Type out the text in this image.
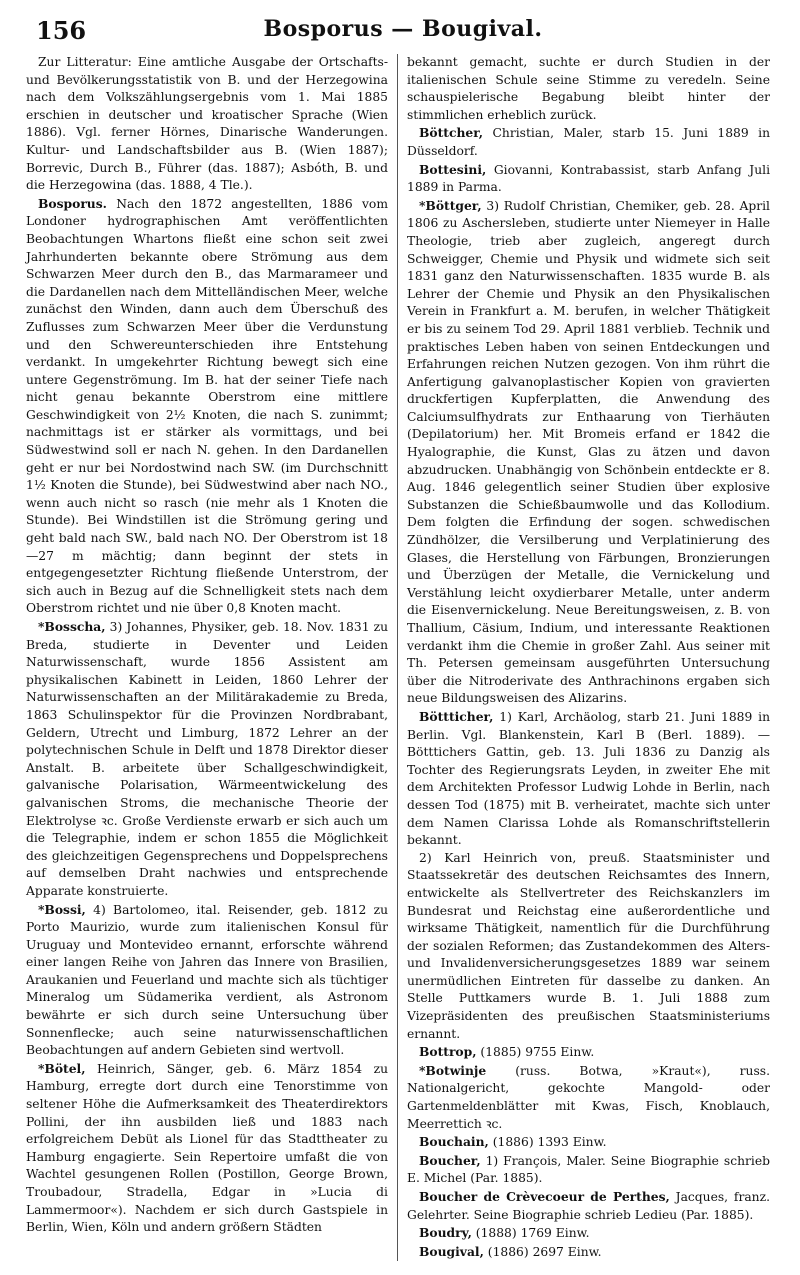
156	Bosporus — Bougival.

Zur Litteratur: Eine amtliche Ausgabe der Ortschafts- und Bevölkerungsstatistik von B. und der Herzegowina nach dem Volkszählungsergebnis vom 1. Mai 1885 erschien in deutscher und kroatischer Sprache (Wien 1886). Vgl. ferner Hörnes, Dinarische Wanderungen. Kultur- und Landschaftsbilder aus B. (Wien 1887); Borrevic, Durch B., Führer (das. 1887); Asbóth, B. und die Herzegowina (das. 1888, 4 Tle.).

Bosporus. Nach den 1872 angestellten, 1886 vom Londoner hydrographischen Amt veröffentlichten Beobachtungen Whartons fließt eine schon seit zwei Jahrhunderten bekannte obere Strömung aus dem Schwarzen Meer durch den B., das Marmarameer und die Dardanellen nach dem Mittelländischen Meer, welche zunächst den Winden, dann auch dem Überschuß des Zuflusses zum Schwarzen Meer über die Verdunstung und den Schwereunterschieden ihre Entstehung verdankt. In umgekehrter Richtung bewegt sich eine untere Gegenströmung. Im B. hat der seiner Tiefe nach nicht genau bekannte Oberstrom eine mittlere Geschwindigkeit von 2½ Knoten, die nach S. zunimmt; nachmittags ist er stärker als vormittags, und bei Südwestwind soll er nach N. gehen. In den Dardanellen geht er nur bei Nordostwind nach SW. (im Durchschnitt 1½ Knoten die Stunde), bei Südwestwind aber nach NO., wenn auch nicht so rasch (nie mehr als 1 Knoten die Stunde). Bei Windstillen ist die Strömung gering und geht bald nach SW., bald nach NO. Der Oberstrom ist 18—27 m mächtig; dann beginnt der stets in entgegengesetzter Richtung fließende Unterstrom, der sich auch in Bezug auf die Schnelligkeit stets nach dem Oberstrom richtet und nie über 0,8 Knoten macht.

*Bosscha, 3) Johannes, Physiker, geb. 18. Nov. 1831 zu Breda, studierte in Deventer und Leiden Naturwissenschaft, wurde 1856 Assistent am physikalischen Kabinett in Leiden, 1860 Lehrer der Naturwissenschaften an der Militärakademie zu Breda, 1863 Schulinspektor für die Provinzen Nordbrabant, Geldern, Utrecht und Limburg, 1872 Lehrer an der polytechnischen Schule in Delft und 1878 Direktor dieser Anstalt. B. arbeitete über Schallgeschwindigkeit, galvanische Polarisation, Wärmeentwickelung des galvanischen Stroms, die mechanische Theorie der Elektrolyse ꝛc. Große Verdienste erwarb er sich auch um die Telegraphie, indem er schon 1855 die Möglichkeit des gleichzeitigen Gegensprechens und Doppelsprechens auf demselben Draht nachwies und entsprechende Apparate konstruierte.

*Bossi, 4) Bartolomeo, ital. Reisender, geb. 1812 zu Porto Maurizio, wurde zum italienischen Konsul für Uruguay und Montevideo ernannt, erforschte während einer langen Reihe von Jahren das Innere von Brasilien, Araukanien und Feuerland und machte sich als tüchtiger Mineralog um Südamerika verdient, als Astronom bewährte er sich durch seine Untersuchung über Sonnenflecke; auch seine naturwissenschaftlichen Beobachtungen auf andern Gebieten sind wertvoll.

*Bötel, Heinrich, Sänger, geb. 6. März 1854 zu Hamburg, erregte dort durch eine Tenorstimme von seltener Höhe die Aufmerksamkeit des Theaterdirektors Pollini, der ihn ausbilden ließ und 1883 nach erfolgreichem Debüt als Lionel für das Stadttheater zu Hamburg engagierte. Sein Repertoire umfaßt die von Wachtel gesungenen Rollen (Postillon, George Brown, Troubadour, Stradella, Edgar in »Lucia di Lammermoor«). Nachdem er sich durch Gastspiele in Berlin, Wien, Köln und andern größern Städten

bekannt gemacht, suchte er durch Studien in der italienischen Schule seine Stimme zu veredeln. Seine schauspielerische Begabung bleibt hinter der stimmlichen erheblich zurück.

Böttcher, Christian, Maler, starb 15. Juni 1889 in Düsseldorf.

Bottesini, Giovanni, Kontrabassist, starb Anfang Juli 1889 in Parma.

*Böttger, 3) Rudolf Christian, Chemiker, geb. 28. April 1806 zu Aschersleben, studierte unter Niemeyer in Halle Theologie, trieb aber zugleich, angeregt durch Schweigger, Chemie und Physik und widmete sich seit 1831 ganz den Naturwissenschaften. 1835 wurde B. als Lehrer der Chemie und Physik an den Physikalischen Verein in Frankfurt a. M. berufen, in welcher Thätigkeit er bis zu seinem Tod 29. April 1881 verblieb. Technik und praktisches Leben haben von seinen Entdeckungen und Erfahrungen reichen Nutzen gezogen. Von ihm rührt die Anfertigung galvanoplastischer Kopien von gravierten druckfertigen Kupferplatten, die Anwendung des Calciumsulfhydrats zur Enthaarung von Tierhäuten (Depilatorium) her. Mit Bromeis erfand er 1842 die Hyalographie, die Kunst, Glas zu ätzen und davon abzudrucken. Unabhängig von Schönbein entdeckte er 8. Aug. 1846 gelegentlich seiner Studien über explosive Substanzen die Schießbaumwolle und das Kollodium. Dem folgten die Erfindung der sogen. schwedischen Zündhölzer, die Versilberung und Verplatinierung des Glases, die Herstellung von Färbungen, Bronzierungen und Überzügen der Metalle, die Vernickelung und Verstählung leicht oxydierbarer Metalle, unter anderm die Eisenvernickelung. Neue Bereitungsweisen, z. B. von Thallium, Cäsium, Indium, und interessante Reaktionen verdankt ihm die Chemie in großer Zahl. Aus seiner mit Th. Petersen gemeinsam ausgeführten Untersuchung über die Nitroderivate des Anthrachinons ergaben sich neue Bildungsweisen des Alizarins.

Böttticher, 1) Karl, Archäolog, starb 21. Juni 1889 in Berlin. Vgl. Blankenstein, Karl B (Berl. 1889). — Bötttichers Gattin, geb. 13. Juli 1836 zu Danzig als Tochter des Regierungsrats Leyden, in zweiter Ehe mit dem Architekten Professor Ludwig Lohde in Berlin, nach dessen Tod (1875) mit B. verheiratet, machte sich unter dem Namen Clarissa Lohde als Romanschriftstellerin bekannt.

2) Karl Heinrich von, preuß. Staatsminister und Staatssekretär des deutschen Reichsamtes des Innern, entwickelte als Stellvertreter des Reichskanzlers im Bundesrat und Reichstag eine außerordentliche und wirksame Thätigkeit, namentlich für die Durchführung der sozialen Reformen; das Zustandekommen des Alters- und Invalidenversicherungsgesetzes 1889 war seinem unermüdlichen Eintreten für dasselbe zu danken. An Stelle Puttkamers wurde B. 1. Juli 1888 zum Vizepräsidenten des preußischen Staatsministeriums ernannt.

Bottrop, (1885) 9755 Einw.

*Botwinje (russ. Botwa, »Kraut«), russ. Nationalgericht, gekochte Mangold- oder Gartenmeldenblätter mit Kwas, Fisch, Knoblauch, Meerrettich ꝛc.

Bouchain, (1886) 1393 Einw.

Boucher, 1) François, Maler. Seine Biographie schrieb E. Michel (Par. 1885).

Boucher de Crèvecoeur de Perthes, Jacques, franz. Gelehrter. Seine Biographie schrieb Ledieu (Par. 1885).

Boudry, (1888) 1769 Einw.

Bougival, (1886) 2697 Einw.
